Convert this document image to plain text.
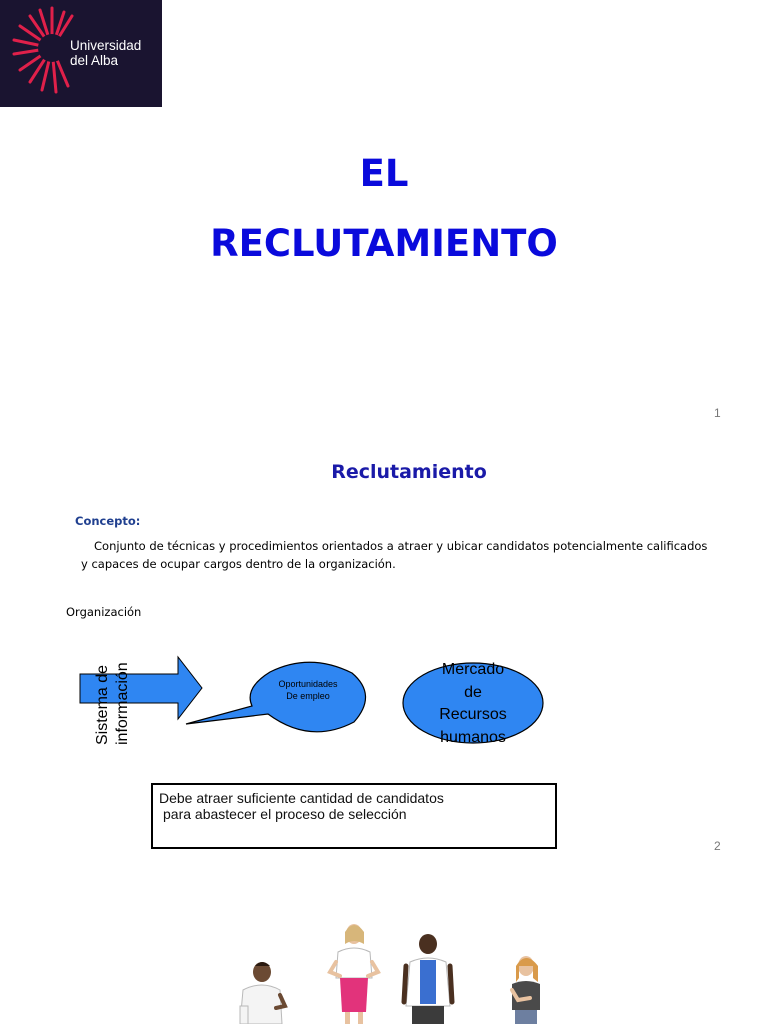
Universidad
del Alba
EL
RECLUTAMIENTO
1
Reclutamiento
Concepto:
Conjunto de técnicas y procedimientos orientados a atraer y ubicar candidatos potencialmente calificados
y capaces de ocupar cargos dentro de la organización.
Organización
Sistema de información	Oportunidades
De empleo
Mercado
de
Recursos
humanos
Debe atraer suficiente cantidad de candidatos
para abastecer el proceso de selección
2
